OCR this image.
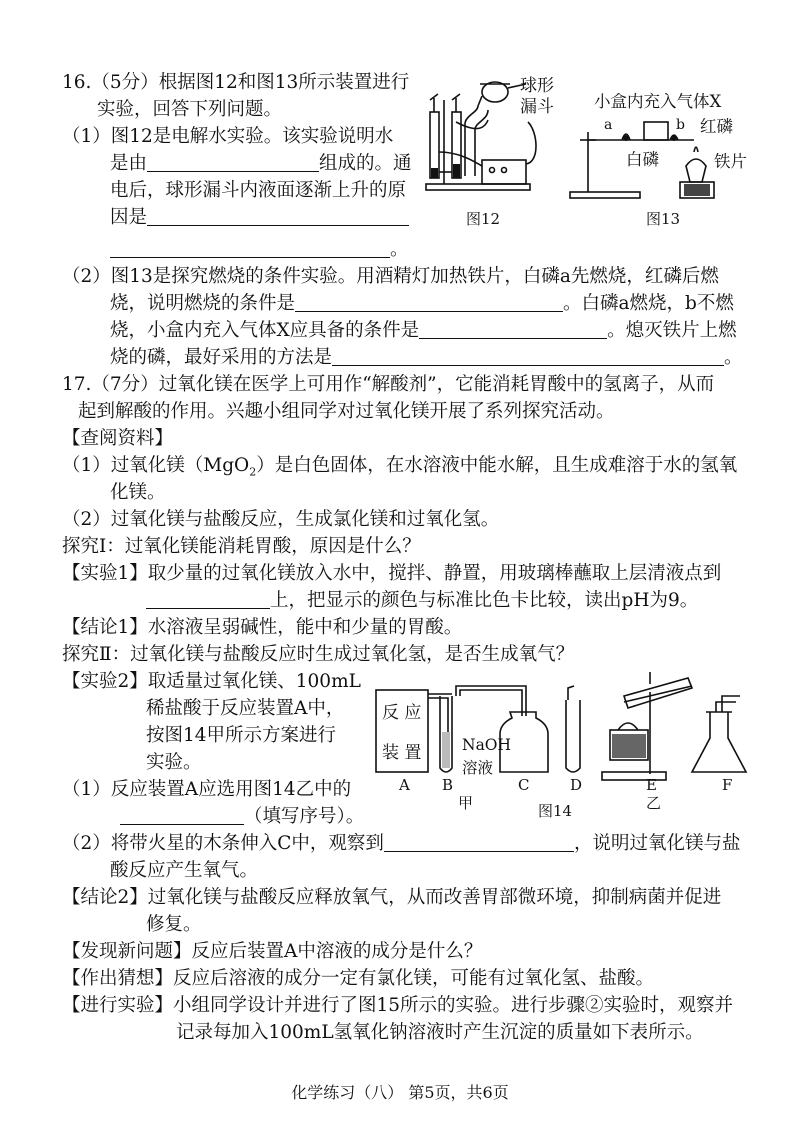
16.（5分）根据图12和图13所示装置进行
实验，回答下列问题。
（1）图12是电解水实验。该实验说明水
是由	组成的。通
电后，球形漏斗内液面逐渐上升的原
因是
。
（2）图13是探究燃烧的条件实验。用酒精灯加热铁片，白磷a先燃烧，红磷后燃
烧，说明燃烧的条件是	。白磷a燃烧，b不燃
烧，小盒内充入气体X应具备的条件是	。熄灭铁片上燃
烧的磷，最好采用的方法是	。
球形
漏斗
图12
小盒内充入气体X
a	b 红磷
白磷	铁片
图13
17.（7分）过氧化镁在医学上可用作“解酸剂”，它能消耗胃酸中的氢离子，从而
起到解酸的作用。兴趣小组同学对过氧化镁开展了系列探究活动。
【查阅资料】
（1）过氧化镁（MgO$_2$）是白色固体，在水溶液中能水解，且生成难溶于水的氢氧
化镁。
（2）过氧化镁与盐酸反应，生成氯化镁和过氧化氢。
探究Ⅰ：过氧化镁能消耗胃酸，原因是什么？
【实验1】取少量的过氧化镁放入水中，搅拌、静置，用玻璃棒蘸取上层清液点到
上，把显示的颜色与标准比色卡比较，读出pH为9。
【结论1】水溶液呈弱碱性，能中和少量的胃酸。
探究Ⅱ：过氧化镁与盐酸反应时生成过氧化氢，是否生成氧气？
【实验2】取适量过氧化镁、100mL
稀盐酸于反应装置A中，
按图14甲所示方案进行
实验。
（1）反应装置A应选用图14乙中的
（填写序号）。
（2）将带火星的木条伸入C中，观察到	，说明过氧化镁与盐
酸反应产生氧气。
反 应
装 置	NaOH
溶液
A B	C	D	E	F
甲	乙
图14
【结论2】过氧化镁与盐酸反应释放氧气，从而改善胃部微环境，抑制病菌并促进
修复。
【发现新问题】反应后装置A中溶液的成分是什么？
【作出猜想】反应后溶液的成分一定有氯化镁，可能有过氧化氢、盐酸。
【进行实验】小组同学设计并进行了图15所示的实验。进行步骤②实验时，观察并
记录每加入100mL氢氧化钠溶液时产生沉淀的质量如下表所示。
化学练习（八） 第5页，共6页
